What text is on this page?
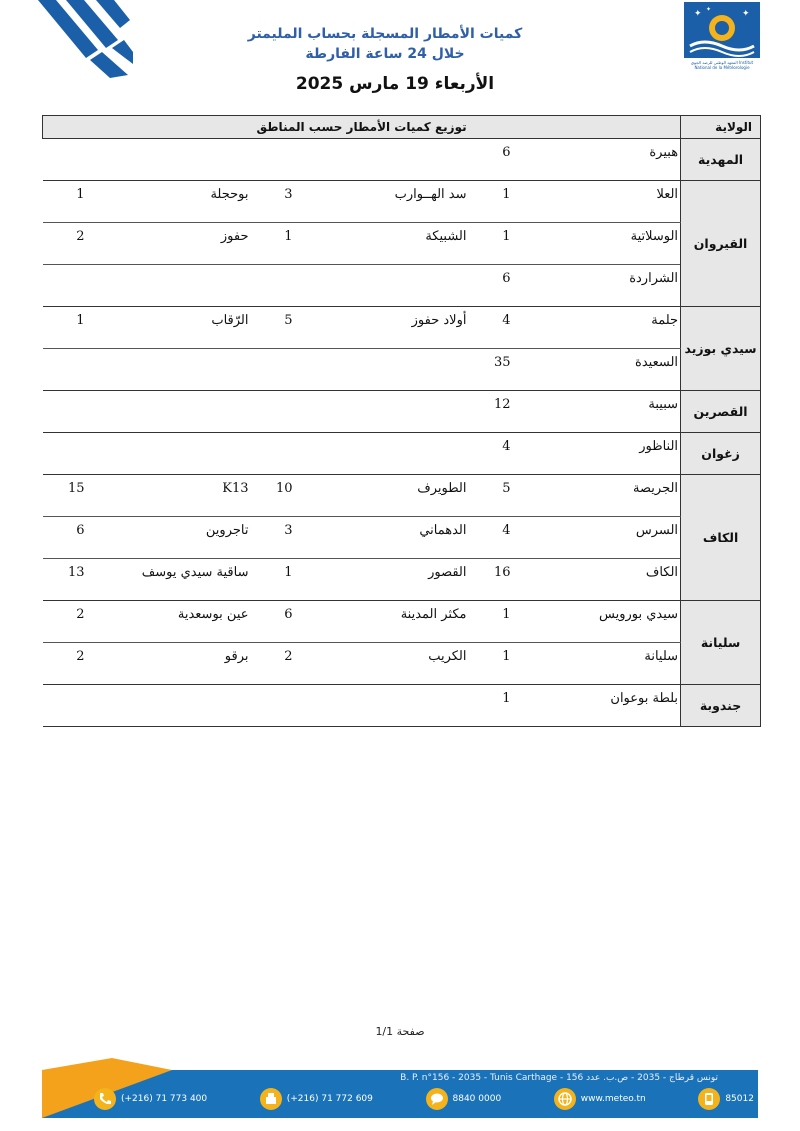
✦	✦
✦
المعهد الوطني للرصد الجوي Institut National de la Météorologie
كميات الأمطار المسجلة بحساب المليمتر
خلال 24 ساعة الفارطة
الأربعاء 19 مارس 2025
توزيع كميات الأمطار حسب المناطق						الولاية
				6	هبيرة	المهدية
1	بوحجلة	3	سد الهــوارب	1	العلا	القيروان
2	حفوز	1	الشبيكة	1	الوسلاتية	
				6	الشراردة	
1	الرّقاب	5	أولاد حفوز	4	جلمة	سيدي بوزيد
				35	السعيدة	
				12	سبيبة	القصرين
				4	الناظور	زغوان
15	K13	10	الطويرف	5	الجريصة	الكاف
6	تاجروين	3	الدهماني	4	السرس	
13	ساقية سيدي يوسف	1	القصور	16	الكاف	
2	عين بوسعدية	6	مكثر المدينة	1	سيدي بورويس	سليانة
2	برقو	2	الكريب	1	سليانة	
				1	بلطة بوعوان	جندوبة
صفحة 1/1
B. P. n°156 - 2035 - Tunis Carthage - تونس قرطاج - 2035 - ص.ب. عدد 156
(+216) 71 773 400	(+216) 71 772 609	8840 0000	www.meteo.tn	85012
